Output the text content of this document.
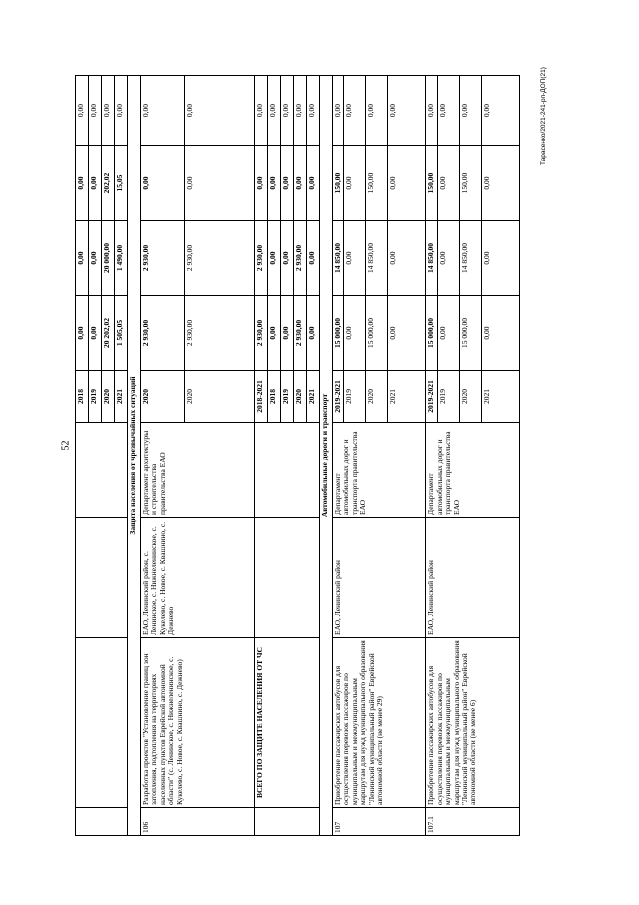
52
Тарасенко/2021-241-рп-ДОП(21)
				2018	0,00	0,00	0,00	0,00
				2019	0,00	0,00	0,00	0,00
				2020	20 202,02	20 000,00	202,02	0,00
				2021	1 505,05	1 490,00	15,05	0,00
Защита населения от чрезвычайных ситуаций								
106	Разработка проектов "Установление границ зон затопления, подтопления на территориях населенных пунктов Еврейской автономной области" (с. Ленинское, с. Нижнеленинское, с. Кукелево, с. Новое, с. Квашнино, с. Дежнево)	ЕАО, Ленинский район, с. Ленинское, с. Нижнеленинское, с. Кукелево, с. Новое, с. Квашнино, с. Дежнево	Департамент архитектуры и строительства правительства ЕАО	2020	2 930,00	2 930,00	0,00	0,00
				2020	2 930,00	2 930,00	0,00	0,00
	ВСЕГО ПО ЗАЩИТЕ НАСЕЛЕНИЯ ОТ ЧС			2018-2021	2 930,00	2 930,00	0,00	0,00
				2018	0,00	0,00	0,00	0,00
				2019	0,00	0,00	0,00	0,00
				2020	2 930,00	2 930,00	0,00	0,00
				2021	0,00	0,00	0,00	0,00
Автомобильные дороги и транспорт								
107	Приобретение пассажирских автобусов для осуществления перевозок пассажиров по муниципальным и межмуниципальным маршрутам для нужд муниципального образования "Ленинский муниципальный район" Еврейской автономной области (не менее 29)	ЕАО, Ленинский район	Департамент автомобильных дорог и транспорта правительства ЕАО	2019-2021	15 000,00	14 850,00	150,00	0,00
				2019	0,00	0,00	0,00	0,00
				2020	15 000,00	14 850,00	150,00	0,00
				2021	0,00	0,00	0,00	0,00
107.1	Приобретение пассажирских автобусов для осуществления перевозок пассажиров по муниципальным и межмуниципальным маршрутам для нужд муниципального образования "Ленинский муниципальный район" Еврейской автономной области (не менее 6)	ЕАО, Ленинский район	Департамент автомобильных дорог и транспорта правительства ЕАО	2019-2021	15 000,00	14 850,00	150,00	0,00
				2019	0,00	0,00	0,00	0,00
				2020	15 000,00	14 850,00	150,00	0,00
				2021	0,00	0,00	0,00	0,00
